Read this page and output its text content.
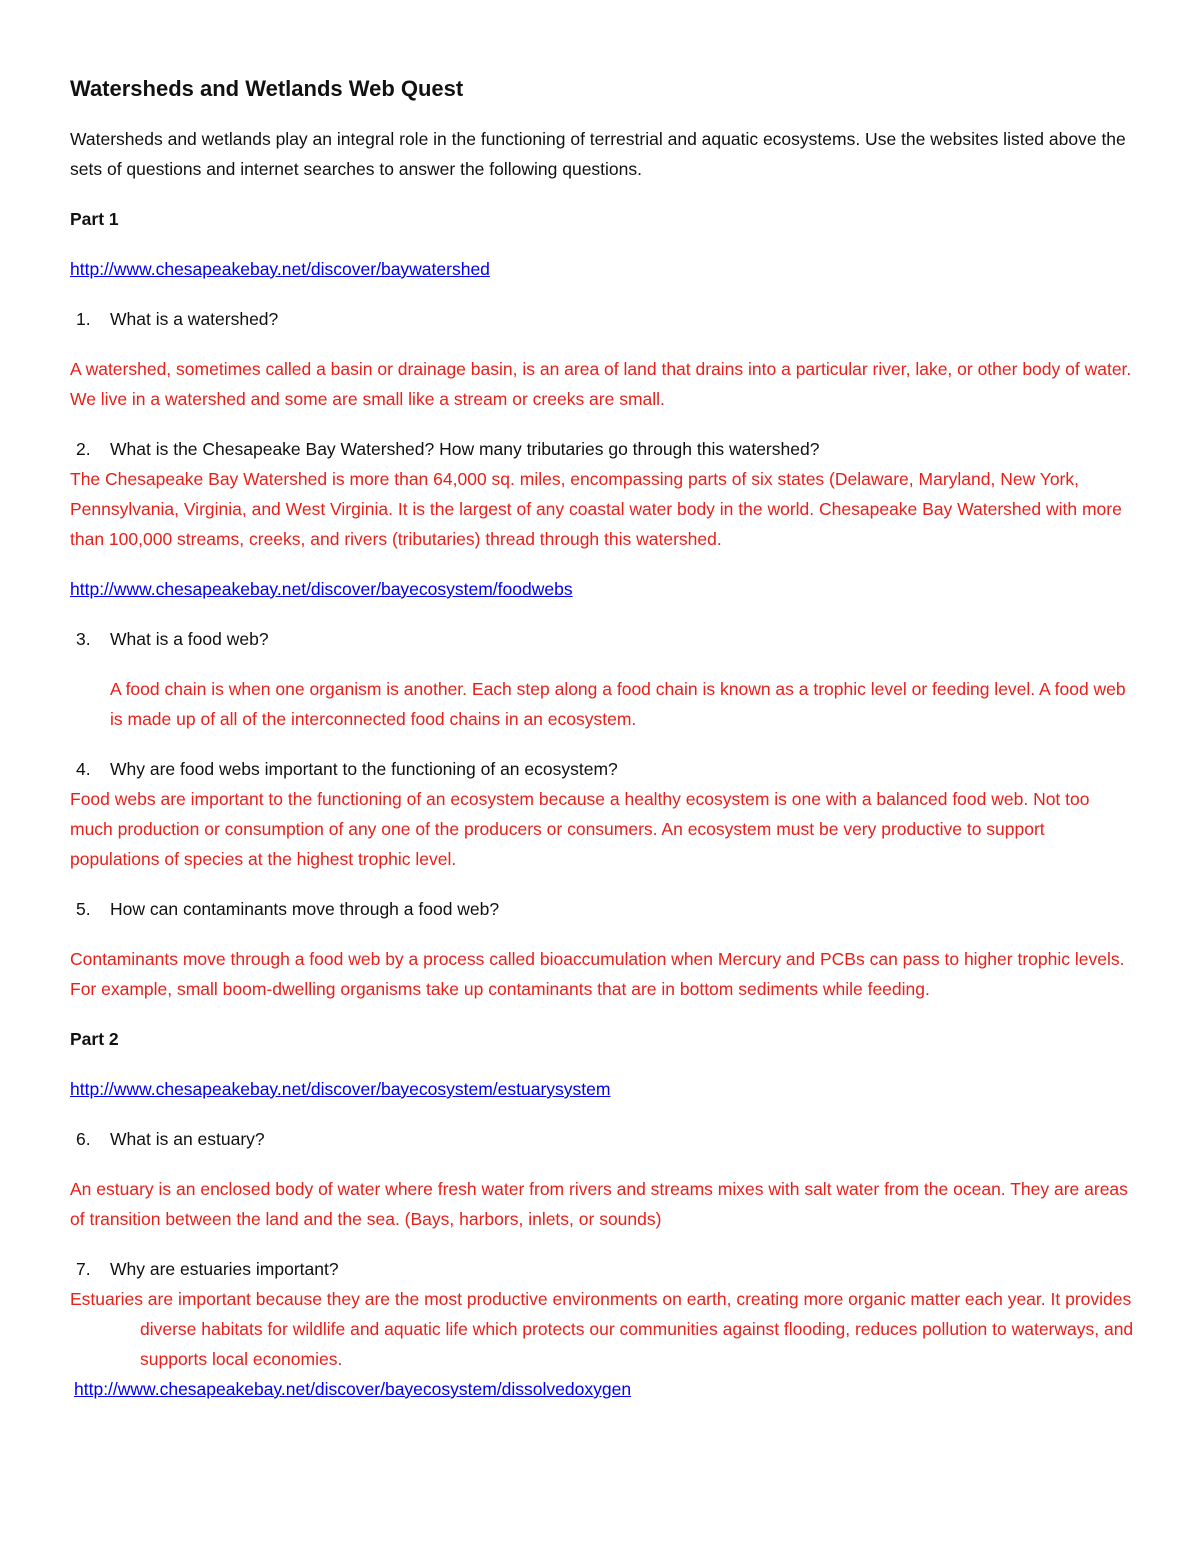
Watersheds and Wetlands Web Quest

Watersheds and wetlands play an integral role in the functioning of terrestrial and aquatic ecosystems. Use the websites listed above the sets of questions and internet searches to answer the following questions.

Part 1
http://www.chesapeakebay.net/discover/baywatershed
1.	What is a watershed?

A watershed, sometimes called a basin or drainage basin, is an area of land that drains into a particular river, lake, or other body of water. We live in a watershed and some are small like a stream or creeks are small.

2.	What is the Chesapeake Bay Watershed? How many tributaries go through this watershed?

The Chesapeake Bay Watershed is more than 64,000 sq. miles, encompassing parts of six states (Delaware, Maryland, New York, Pennsylvania, Virginia, and West Virginia. It is the largest of any coastal water body in the world. Chesapeake Bay Watershed with more than 100,000 streams, creeks, and rivers (tributaries) thread through this watershed.

http://www.chesapeakebay.net/discover/bayecosystem/foodwebs
3.	What is a food web?

A food chain is when one organism is another. Each step along a food chain is known as a trophic level or feeding level. A food web is made up of all of the interconnected food chains in an ecosystem.

4.	Why are food webs important to the functioning of an ecosystem?

Food webs are important to the functioning of an ecosystem because a healthy ecosystem is one with a balanced food web. Not too much production or consumption of any one of the producers or consumers. An ecosystem must be very productive to support populations of species at the highest trophic level.

5.	How can contaminants move through a food web?

Contaminants move through a food web by a process called bioaccumulation when Mercury and PCBs can pass to higher trophic levels. For example, small boom-dwelling organisms take up contaminants that are in bottom sediments while feeding.

Part 2
http://www.chesapeakebay.net/discover/bayecosystem/estuarysystem
6.	What is an estuary?

An estuary is an enclosed body of water where fresh water from rivers and streams mixes with salt water from the ocean. They are areas of transition between the land and the sea. (Bays, harbors, inlets, or sounds)

7.	Why are estuaries important?

Estuaries are important because they are the most productive environments on earth, creating more organic matter each year. It provides diverse habitats for wildlife and aquatic life which protects our communities against flooding, reduces pollution to waterways, and supports local economies.

http://www.chesapeakebay.net/discover/bayecosystem/dissolvedoxygen
